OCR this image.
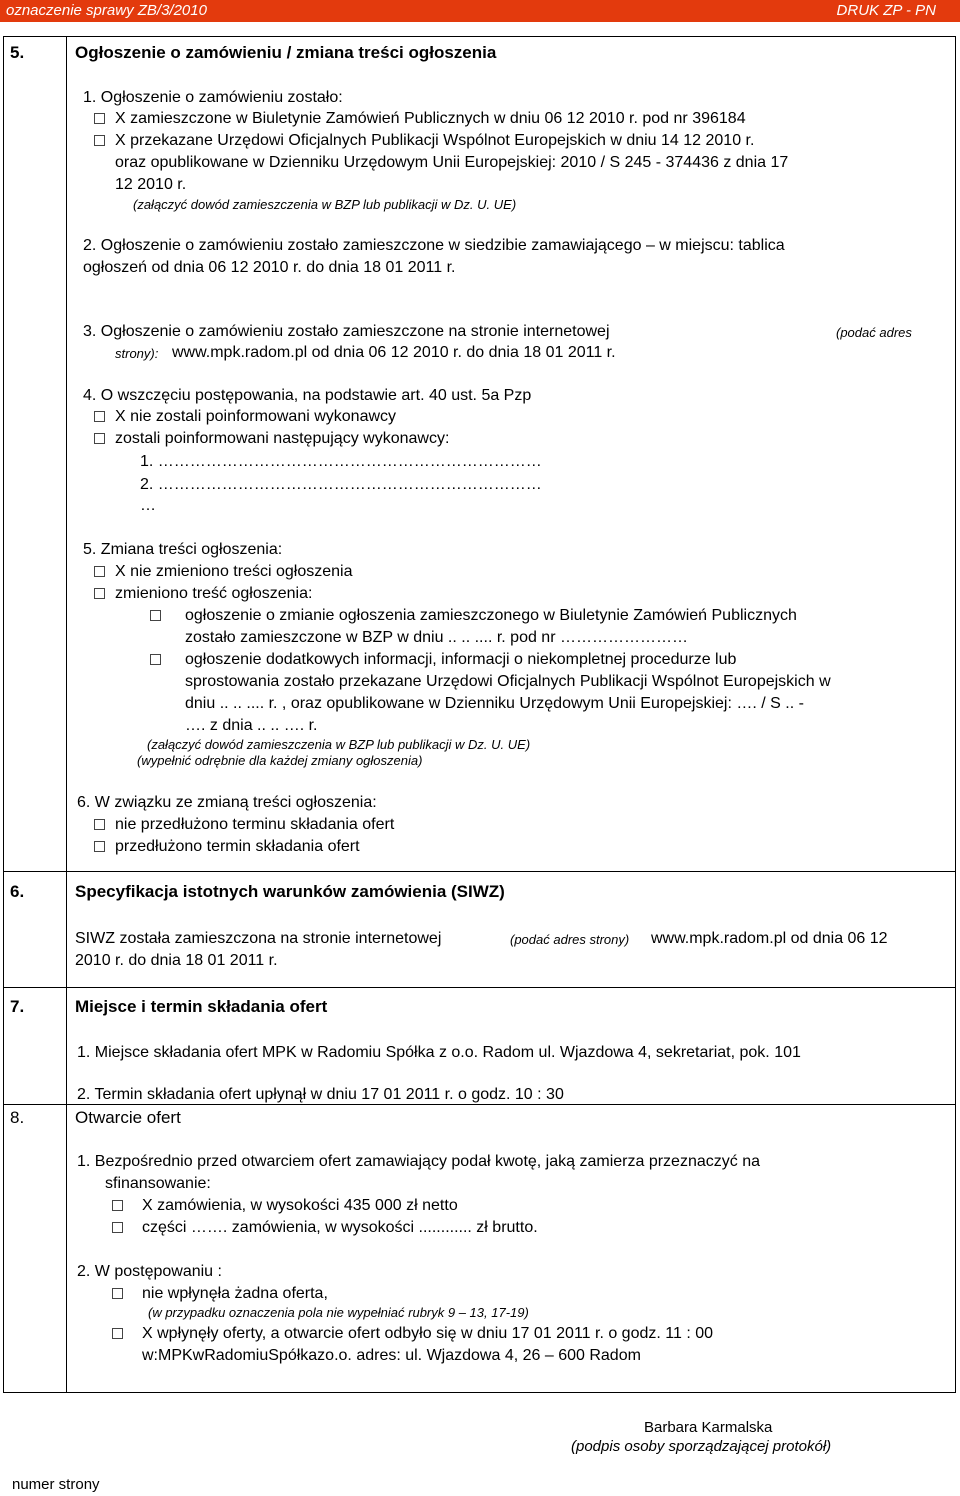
oznaczenie sprawy ZB/3/2010	DRUK ZP - PN
5.	Ogłoszenie o zamówieniu / zmiana treści ogłoszenia
1. Ogłoszenie o zamówieniu zostało:
X zamieszczone w Biuletynie Zamówień Publicznych w dniu 06 12 2010 r. pod nr 396184
X przekazane Urzędowi Oficjalnych Publikacji Wspólnot Europejskich w dniu 14 12 2010 r.
oraz opublikowane w Dzienniku Urzędowym Unii Europejskiej: 2010 / S 245 - 374436 z dnia 17
12 2010 r.
(załączyć dowód zamieszczenia w BZP lub publikacji w Dz. U. UE)
2. Ogłoszenie o zamówieniu zostało zamieszczone w siedzibie zamawiającego – w miejscu: tablica
ogłoszeń od dnia 06 12 2010 r. do dnia 18 01 2011 r.
3. Ogłoszenie o zamówieniu zostało zamieszczone na stronie internetowej	(podać adres
strony): www.mpk.radom.pl od dnia 06 12 2010 r. do dnia 18 01 2011 r.
4. O wszczęciu postępowania, na podstawie art. 40 ust. 5a Pzp
X nie zostali poinformowani wykonawcy
zostali poinformowani następujący wykonawcy:
1. ………………………………………………………………
2. ………………………………………………………………
…
5. Zmiana treści ogłoszenia:
X nie zmieniono treści ogłoszenia
zmieniono treść ogłoszenia:
ogłoszenie o zmianie ogłoszenia zamieszczonego w Biuletynie Zamówień Publicznych
zostało zamieszczone w BZP w dniu .. .. .... r. pod nr ……………………
ogłoszenie dodatkowych informacji, informacji o niekompletnej procedurze lub
sprostowania zostało przekazane Urzędowi Oficjalnych Publikacji Wspólnot Europejskich w
dniu .. .. .... r. , oraz opublikowane w Dzienniku Urzędowym Unii Europejskiej: …. / S .. -
…. z dnia .. .. …. r.
(załączyć dowód zamieszczenia w BZP lub publikacji w Dz. U. UE)
(wypełnić odrębnie dla każdej zmiany ogłoszenia)
6. W związku ze zmianą treści ogłoszenia:
nie przedłużono terminu składania ofert
przedłużono termin składania ofert
6.	Specyfikacja istotnych warunków zamówienia (SIWZ)
SIWZ została zamieszczona na stronie internetowej	(podać adres strony) www.mpk.radom.pl od dnia 06 12
2010 r. do dnia 18 01 2011 r.
7.	Miejsce i termin składania ofert
1. Miejsce składania ofert MPK w Radomiu Spółka z o.o. Radom ul. Wjazdowa 4, sekretariat, pok. 101
2. Termin składania ofert upłynął w dniu 17 01 2011 r. o godz. 10 : 30
8.	Otwarcie ofert
1. Bezpośrednio przed otwarciem ofert zamawiający podał kwotę, jaką zamierza przeznaczyć na
sfinansowanie:
X zamówienia, w wysokości 435 000 zł netto
części ……. zamówienia, w wysokości ............ zł brutto.
2. W postępowaniu :
nie wpłynęła żadna oferta,
(w przypadku oznaczenia pola nie wypełniać rubryk 9 – 13, 17-19)
X wpłynęły oferty, a otwarcie ofert odbyło się w dniu 17 01 2011 r. o godz. 11 : 00
w:MPKwRadomiuSpółkazo.o. adres: ul. Wjazdowa 4, 26 – 600 Radom
Barbara Karmalska
(podpis osoby sporządzającej protokół)
numer strony
